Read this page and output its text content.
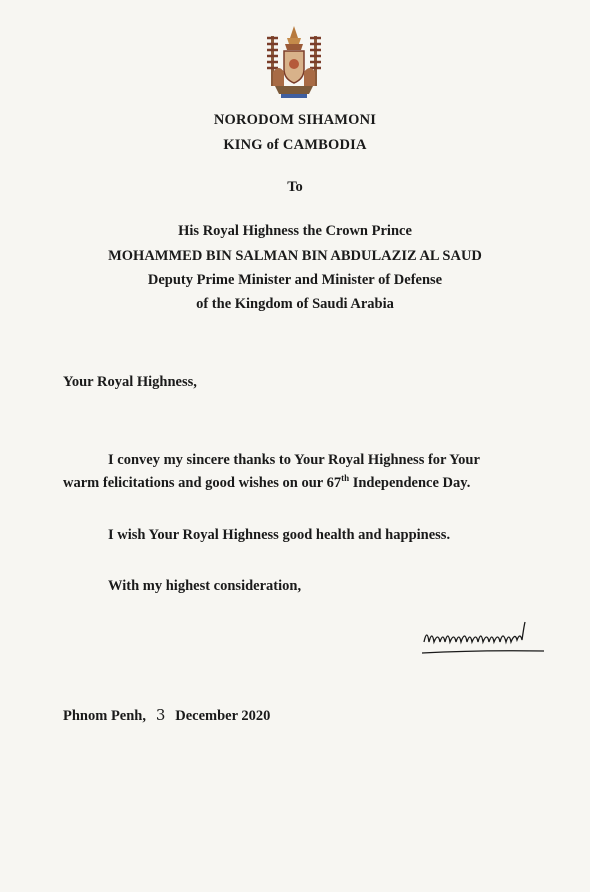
NORODOM SIHAMONI
KING of CAMBODIA
To
His Royal Highness the Crown Prince
MOHAMMED BIN SALMAN BIN ABDULAZIZ AL SAUD
Deputy Prime Minister and Minister of Defense
of the Kingdom of Saudi Arabia
Your Royal Highness,
I convey my sincere thanks to Your Royal Highness for Your
warm felicitations and good wishes on our 67th Independence Day.
I wish Your Royal Highness good health and happiness.
With my highest consideration,
Phnom Penh, 3 December 2020
